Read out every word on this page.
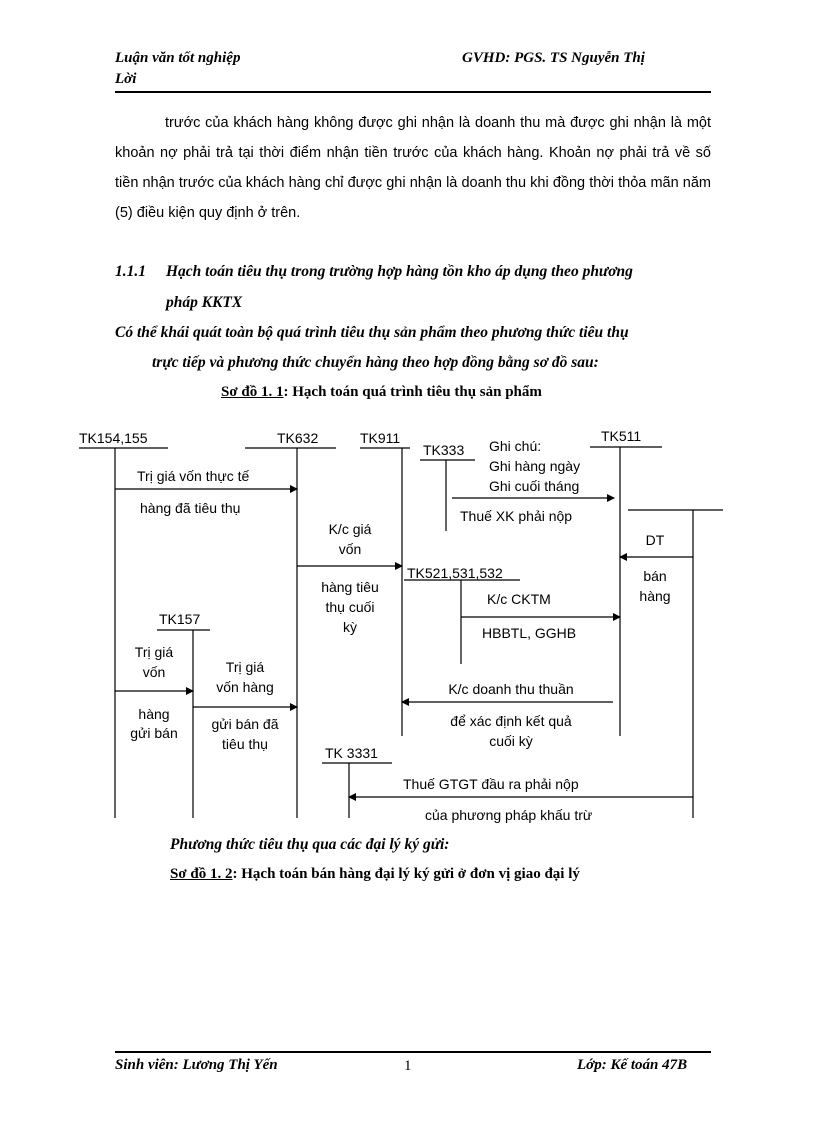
Luận văn tốt nghiệp
Lời
GVHD: PGS. TS Nguyễn Thị
trước của khách hàng không được ghi nhận là doanh thu mà được ghi nhận là một khoản nợ phải trả tại thời điểm nhận tiền trước của khách hàng. Khoản nợ phải trả về số tiền nhận trước của khách hàng chỉ được ghi nhận là doanh thu khi đồng thời thỏa mãn năm (5) điều kiện quy định ở trên.
1.1.1 Hạch toán tiêu thụ trong trường hợp hàng tồn kho áp dụng theo phương
pháp KKTX
Có thể khái quát toàn bộ quá trình tiêu thụ sản phẩm theo phương thức tiêu thụ
trực tiếp và phương thức chuyển hàng theo hợp đồng bằng sơ đồ sau:
Sơ đồ 1. 1: Hạch toán quá trình tiêu thụ sản phẩm
TK154,155	TK632	TK911
TK333
TK511
TK157
TK521,531,532
TK 3331
Ghi chú:
Ghi hàng ngày
Ghi cuối tháng
Trị giá vốn thực tế
hàng đã tiêu thụ
K/c giá
vốn
hàng tiêu
thụ cuối
kỳ
Thuế XK phải nộp
DT
bán
hàng
K/c CKTM
HBBTL, GGHB
Trị giá
vốn
hàng
gửi bán
Trị giá
vốn hàng
gửi bán đã
tiêu thụ
K/c doanh thu thuần
để xác định kết quả
cuối kỳ
Thuế GTGT đầu ra phải nộp
của phương pháp khấu trừ
Phương thức tiêu thụ qua các đại lý ký gửi:
Sơ đồ 1. 2: Hạch toán bán hàng đại lý ký gửi ở đơn vị giao đại lý
Sinh viên: Lương Thị Yến	1	Lớp: Kế toán 47B
